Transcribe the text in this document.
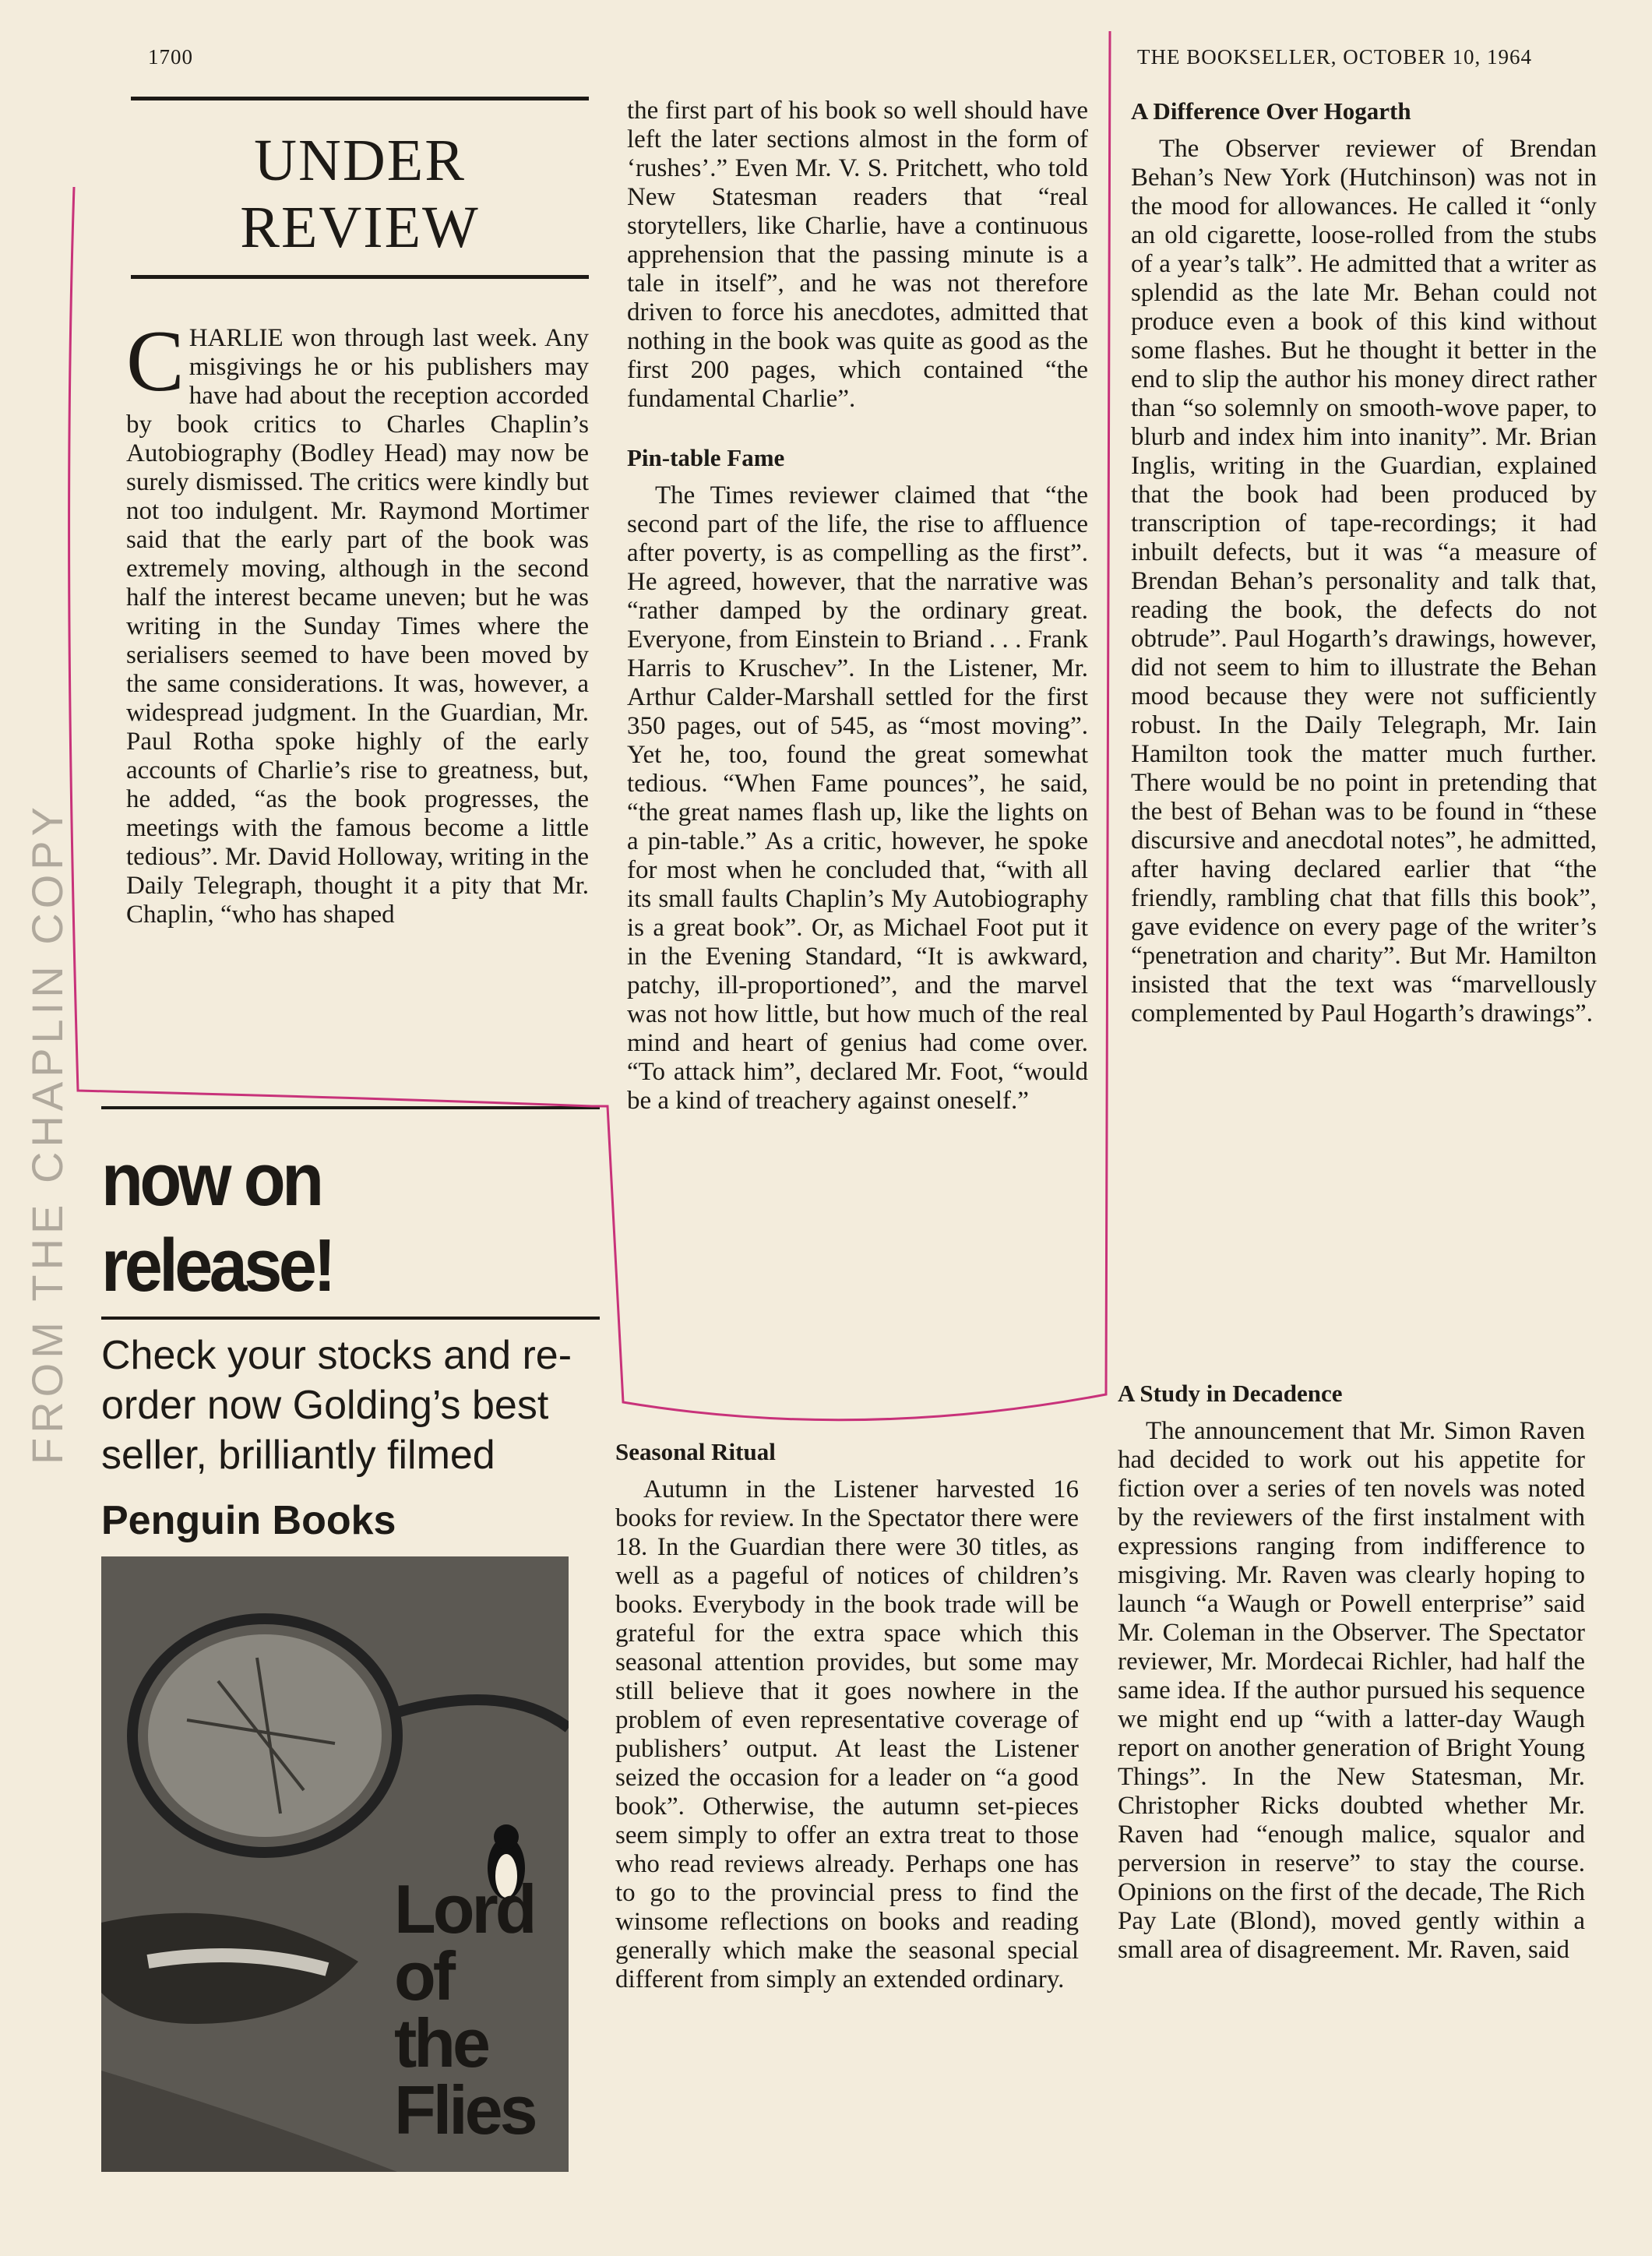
1700	THE BOOKSELLER, OCTOBER 10, 1964
UNDER
REVIEW

CHARLIE won through last week. Any misgivings he or his publishers may have had about the reception accorded by book critics to Charles Chaplin’s Autobiography (Bodley Head) may now be surely dismissed. The critics were kindly but not too indulgent. Mr. Raymond Mortimer said that the early part of the book was extremely moving, although in the second half the interest became uneven; but he was writing in the Sunday Times where the serialisers seemed to have been moved by the same considerations. It was, however, a widespread judgment. In the Guardian, Mr. Paul Rotha spoke highly of the early accounts of Charlie’s rise to greatness, but, he added, “as the book progresses, the meetings with the famous become a little tedious”. Mr. David Holloway, writing in the Daily Telegraph, thought it a pity that Mr. Chaplin, “who has shaped

the first part of his book so well should have left the later sections almost in the form of ‘rushes’.” Even Mr. V. S. Pritchett, who told New Statesman readers that “real storytellers, like Charlie, have a continuous apprehension that the passing minute is a tale in itself”, and he was not therefore driven to force his anecdotes, admitted that nothing in the book was quite as good as the first 200 pages, which contained “the fundamental Charlie”.

Pin-table Fame

The Times reviewer claimed that “the second part of the life, the rise to affluence after poverty, is as compelling as the first”. He agreed, however, that the narrative was “rather damped by the ordinary great. Everyone, from Einstein to Briand . . . Frank Harris to Kruschev”. In the Listener, Mr. Arthur Calder-Marshall settled for the first 350 pages, out of 545, as “most moving”. Yet he, too, found the great somewhat tedious. “When Fame pounces”, he said, “the great names flash up, like the lights on a pin-table.” As a critic, however, he spoke for most when he concluded that, “with all its small faults Chaplin’s My Autobiography is a great book”. Or, as Michael Foot put it in the Evening Standard, “It is awkward, patchy, ill-proportioned”, and the marvel was not how little, but how much of the real mind and heart of genius had come over. “To attack him”, declared Mr. Foot, “would be a kind of treachery against oneself.”

Seasonal Ritual

Autumn in the Listener harvested 16 books for review. In the Spectator there were 18. In the Guardian there were 30 titles, as well as a pageful of notices of children’s books. Everybody in the book trade will be grateful for the extra space which this seasonal attention provides, but some may still believe that it goes nowhere in the problem of even representative coverage of publishers’ output. At least the Listener seized the occasion for a leader on “a good book”. Otherwise, the autumn set-pieces seem simply to offer an extra treat to those who read reviews already. Perhaps one has to go to the provincial press to find the winsome reflections on books and reading generally which make the seasonal special different from simply an extended ordinary.

A Difference Over Hogarth

The Observer reviewer of Brendan Behan’s New York (Hutchinson) was not in the mood for allowances. He called it “only an old cigarette, loose-rolled from the stubs of a year’s talk”. He admitted that a writer as splendid as the late Mr. Behan could not produce even a book of this kind without some flashes. But he thought it better in the end to slip the author his money direct rather than “so solemnly on smooth-wove paper, to blurb and index him into inanity”. Mr. Brian Inglis, writing in the Guardian, explained that the book had been produced by transcription of tape-recordings; it had inbuilt defects, but it was “a measure of Brendan Behan’s personality and talk that, reading the book, the defects do not obtrude”. Paul Hogarth’s drawings, however, did not seem to him to illustrate the Behan mood because they were not sufficiently robust. In the Daily Telegraph, Mr. Iain Hamilton took the matter much further. There would be no point in pretending that the best of Behan was to be found in “these discursive and anecdotal notes”, he admitted, after having declared earlier that “the friendly, rambling chat that fills this book”, gave evidence on every page of the writer’s “penetration and charity”. But Mr. Hamilton insisted that the text was “marvellously complemented by Paul Hogarth’s drawings”.

A Study in Decadence

The announcement that Mr. Simon Raven had decided to work out his appetite for fiction over a series of ten novels was noted by the reviewers of the first instalment with expressions ranging from indifference to misgiving. Mr. Raven was clearly hoping to launch “a Waugh or Powell enterprise” said Mr. Coleman in the Observer. The Spectator reviewer, Mr. Mordecai Richler, had half the same idea. If the author pursued his sequence we might end up “with a latter-day Waugh report on another generation of Bright Young Things”. In the New Statesman, Mr. Christopher Ricks doubted whether Mr. Raven had “enough malice, squalor and perversion in reserve” to stay the course. Opinions on the first of the decade, The Rich Pay Late (Blond), moved gently within a small area of disagreement. Mr. Raven, said

now on release!
Check your stocks and re-order now Golding’s best seller, brilliantly filmed
Penguin Books
Lord of the Flies
FROM THE CHAPLIN COPY
